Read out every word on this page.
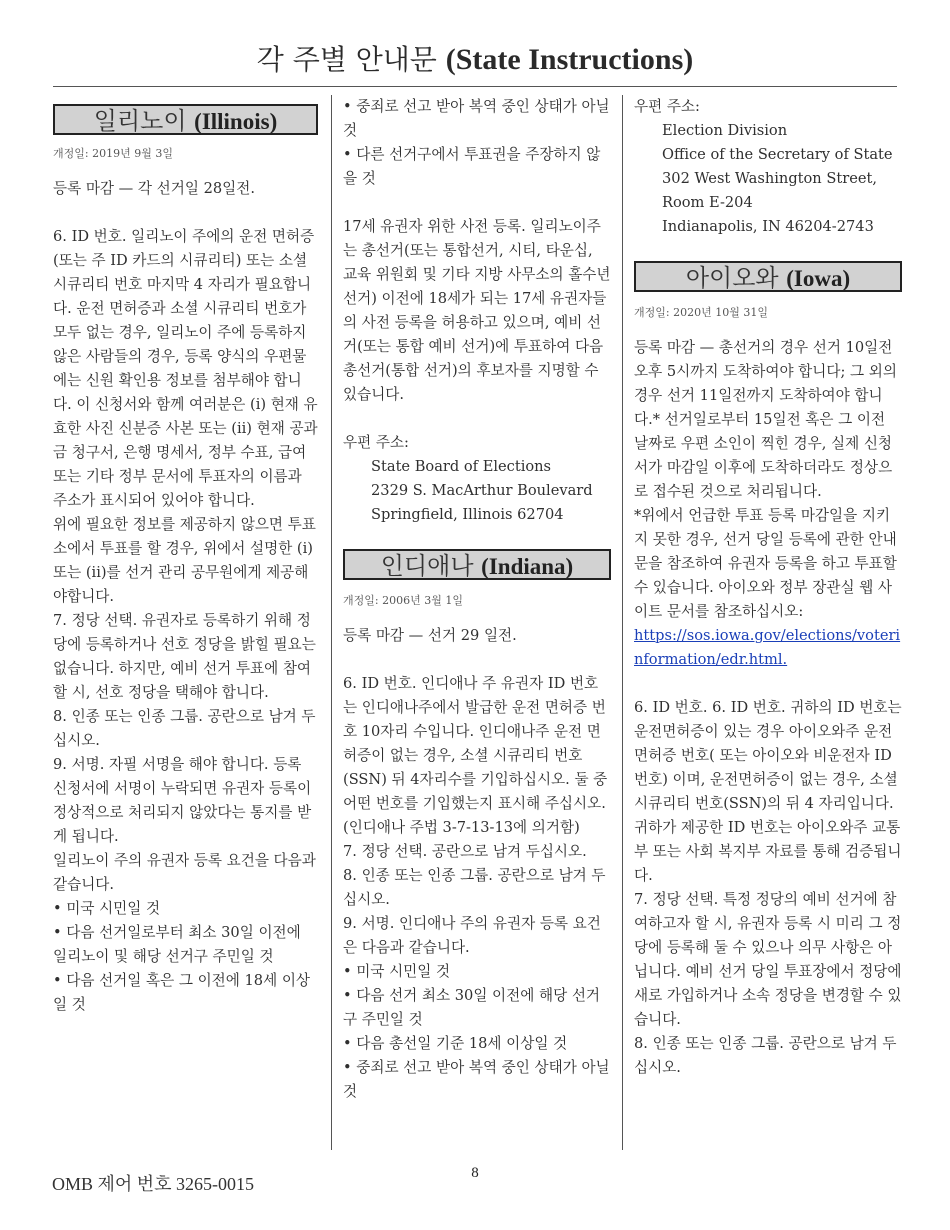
각 주별 안내문 (State Instructions)
일리노이 (Illinois)

개정일: 2019년 9월 3일

등록 마감 — 각 선거일 28일전.

6. ID 번호. 일리노이 주에의 운전 면허증 (또는 주 ID 카드의 시큐리티) 또는 소셜 시큐리티 번호 마지막 4 자리가 필요합니다. 운전 면허증과 소셜 시큐리티 번호가 모두 없는 경우, 일리노이 주에 등록하지 않은 사람들의 경우, 등록 양식의 우편물에는 신원 확인용 정보를 첨부해야 합니다. 이 신청서와 함께 여러분은 (i) 현재 유효한 사진 신분증 사본 또는 (ii) 현재 공과금 청구서, 은행 명세서, 정부 수표, 급여 또는 기타 정부 문서에 투표자의 이름과 주소가 표시되어 있어야 합니다.

위에 필요한 정보를 제공하지 않으면 투표소에서 투표를 할 경우, 위에서 설명한 (i) 또는 (ii)를 선거 관리 공무원에게 제공해야합니다.

7. 정당 선택. 유권자로 등록하기 위해 정당에 등록하거나 선호 정당을 밝힐 필요는 없습니다. 하지만, 예비 선거 투표에 참여할 시, 선호 정당을 택해야 합니다.

8. 인종 또는 인종 그룹. 공란으로 남겨 두십시오.

9. 서명. 자필 서명을 해야 합니다. 등록 신청서에 서명이 누락되면 유권자 등록이 정상적으로 처리되지 않았다는 통지를 받게 됩니다.

일리노이 주의 유권자 등록 요건을 다음과 같습니다.

• 미국 시민일 것

• 다음 선거일로부터 최소 30일 이전에 일리노이 및 해당 선거구 주민일 것

• 다음 선거일 혹은 그 이전에 18세 이상일 것

• 중죄로 선고 받아 복역 중인 상태가 아닐 것

• 다른 선거구에서 투표권을 주장하지 않을 것

17세 유권자 위한 사전 등록. 일리노이주는 총선거(또는 통합선거, 시티, 타운십, 교육 위원회 및 기타 지방 사무소의 홀수년 선거) 이전에 18세가 되는 17세 유권자들의 사전 등록을 허용하고 있으며, 예비 선거(또는 통합 예비 선거)에 투표하여 다음 총선거(통합 선거)의 후보자를 지명할 수 있습니다.

우편 주소:

State Board of Elections

2329 S. MacArthur Boulevard

Springfield, Illinois 62704

인디애나 (Indiana)

개정일: 2006년 3월 1일

등록 마감 — 선거 29 일전.

6. ID 번호. 인디애나 주 유권자 ID 번호는 인디애나주에서 발급한 운전 면허증 번호 10자리 수입니다. 인디애나주 운전 면허증이 없는 경우, 소셜 시큐리티 번호(SSN) 뒤 4자리수를 기입하십시오. 둘 중 어떤 번호를 기입했는지 표시해 주십시오. (인디애나 주법 3-7-13-13에 의거함)

7. 정당 선택. 공란으로 남겨 두십시오.

8. 인종 또는 인종 그룹. 공란으로 남겨 두십시오.

9. 서명. 인디애나 주의 유권자 등록 요건은 다음과 같습니다.

• 미국 시민일 것

• 다음 선거 최소 30일 이전에 해당 선거구 주민일 것

• 다음 총선일 기준 18세 이상일 것

• 중죄로 선고 받아 복역 중인 상태가 아닐 것

우편 주소:

Election Division

Office of the Secretary of State

302 West Washington Street,

Room E-204

Indianapolis, IN 46204-2743

아이오와 (Iowa)

개정일: 2020년 10월 31일

등록 마감 — 총선거의 경우 선거 10일전 오후 5시까지 도착하여야 합니다; 그 외의 경우 선거 11일전까지 도착하여야 합니다.* 선거일로부터 15일전 혹은 그 이전 날짜로 우편 소인이 찍힌 경우, 실제 신청서가 마감일 이후에 도착하더라도 정상으로 접수된 것으로 처리됩니다.

*위에서 언급한 투표 등록 마감일을 지키지 못한 경우, 선거 당일 등록에 관한 안내문을 참조하여 유권자 등록을 하고 투표할 수 있습니다. 아이오와 정부 장관실 웹 사이트 문서를 참조하십시오:

https://sos.iowa.gov/elections/voterinformation/edr.html.

6. ID 번호. 6. ID 번호. 귀하의 ID 번호는 운전면허증이 있는 경우 아이오와주 운전면허증 번호( 또는 아이오와 비운전자 ID 번호) 이며, 운전면허증이 없는 경우, 소셜 시큐리티 번호(SSN)의 뒤 4 자리입니다. 귀하가 제공한 ID 번호는 아이오와주 교통부 또는 사회 복지부 자료를 통해 검증됩니다.

7. 정당 선택. 특정 정당의 예비 선거에 참여하고자 할 시, 유권자 등록 시 미리 그 정당에 등록해 둘 수 있으나 의무 사항은 아닙니다. 예비 선거 당일 투표장에서 정당에 새로 가입하거나 소속 정당을 변경할 수 있습니다.

8. 인종 또는 인종 그룹. 공란으로 남겨 두십시오.

OMB 제어 번호 3265-0015
8
